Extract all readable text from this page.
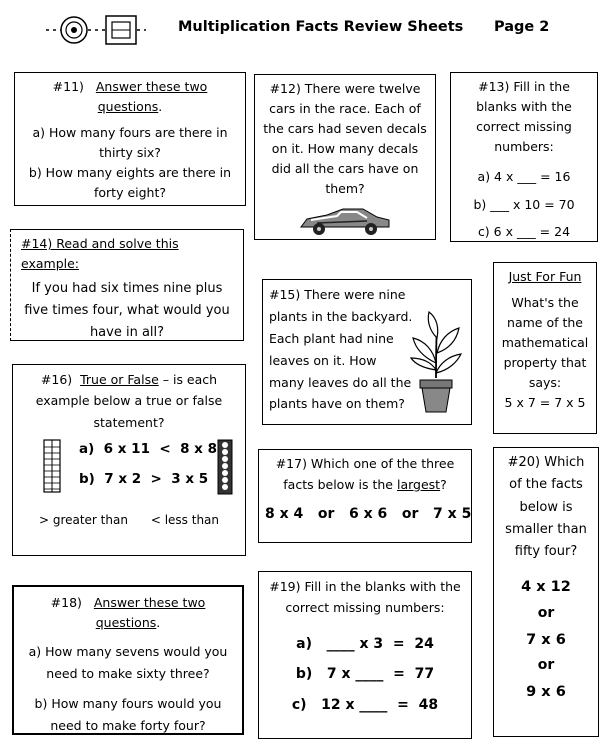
Multiplication Facts Review Sheets Page 2
#11) Answer these two questions.
a) How many fours are there in thirty six?
b) How many eights are there in forty eight?
#12) There were twelve cars in the race. Each of the cars had seven decals on it. How many decals did all the cars have on them?
#13) Fill in the blanks with the correct missing numbers:
a) 4 x ___ = 16
b) ___ x 10 = 70
c) 6 x ___ = 24
#14) Read and solve this example:
If you had six times nine plus five times four, what would you have in all?
#15) There were nine plants in the backyard. Each plant had nine leaves on it. How many leaves do all the plants have on them?
Just For Fun
What's the name of the mathematical property that says:
5 x 7 = 7 x 5
#16) True or False – is each example below a true or false statement?
a)  6 x 11  <  8 x 8
b)  7 x 2  >  3 x 5
> greater than < less than
#17) Which one of the three facts below is the largest?
8 x 4   or   6 x 6   or   7 x 5
#20) Which of the facts below is smaller than fifty four?
4 x 12
or
7 x 6
or
9 x 6
#18) Answer these two questions.
a) How many sevens would you need to make sixty three?
b) How many fours would you need to make forty four?
#19) Fill in the blanks with the correct missing numbers:
a)   ____ x 3  =  24
b)   7 x ____  =  77
c)   12 x ____  =  48
